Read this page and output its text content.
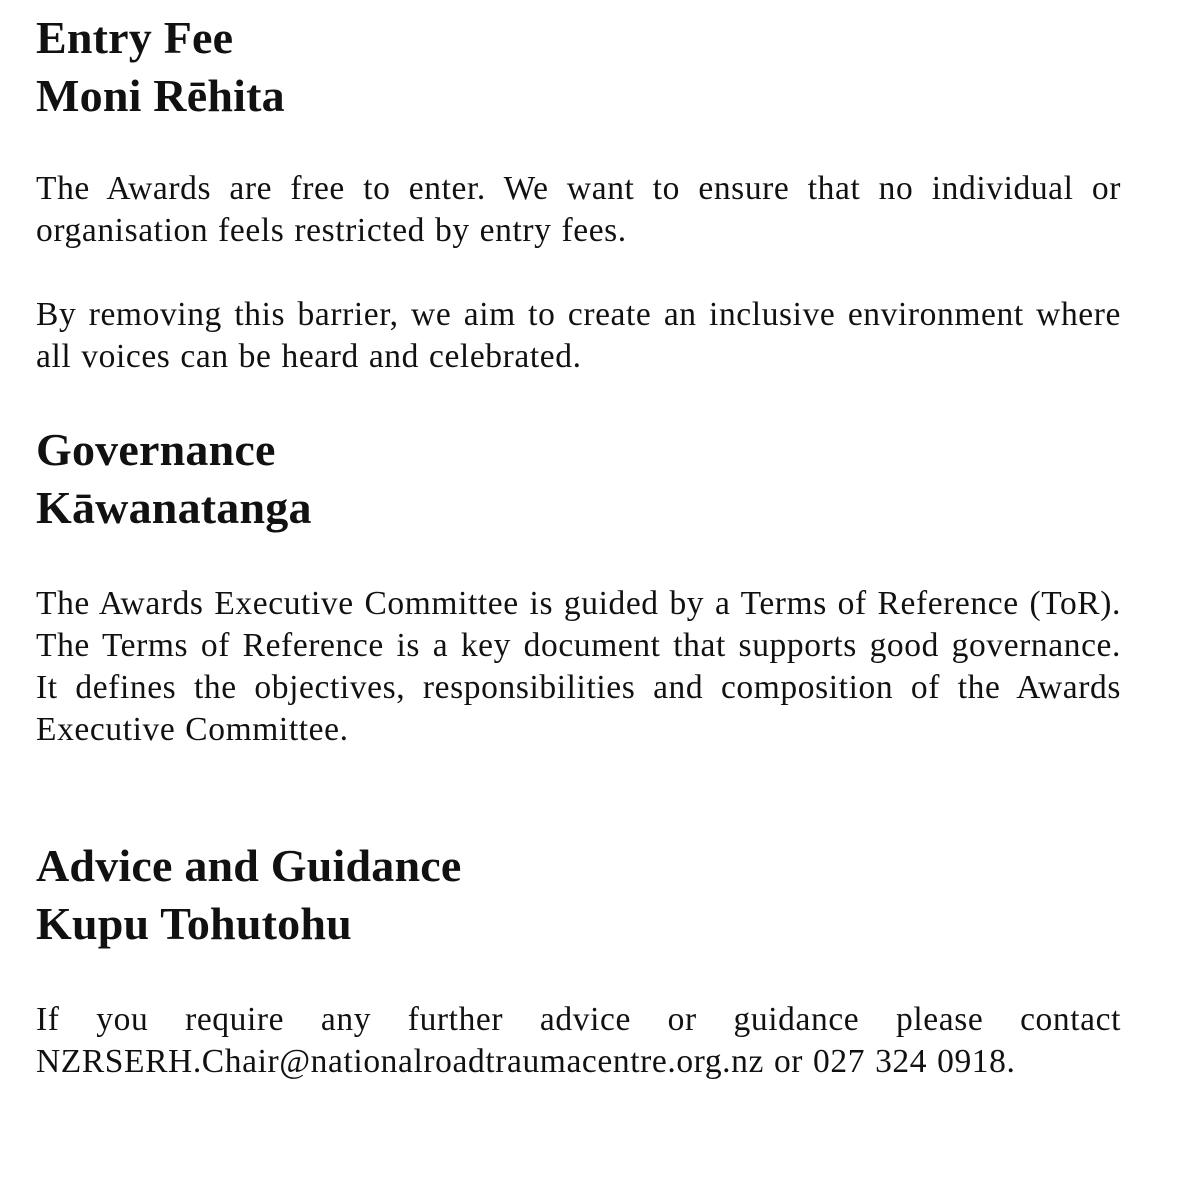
Entry Fee
Moni Rēhita

The Awards are free to enter. We want to ensure that no individual or organisation feels restricted by entry fees.

By removing this barrier, we aim to create an inclusive environment where all voices can be heard and celebrated.

Governance
Kāwanatanga

The Awards Executive Committee is guided by a Terms of Reference (ToR). The Terms of Reference is a key document that supports good governance. It defines the objectives, responsibilities and composition of the Awards Executive Committee.

Advice and Guidance
Kupu Tohutohu

If you require any further advice or guidance please contact NZRSERH.Chair@nationalroadtraumacentre.org.nz or 027 324 0918.
